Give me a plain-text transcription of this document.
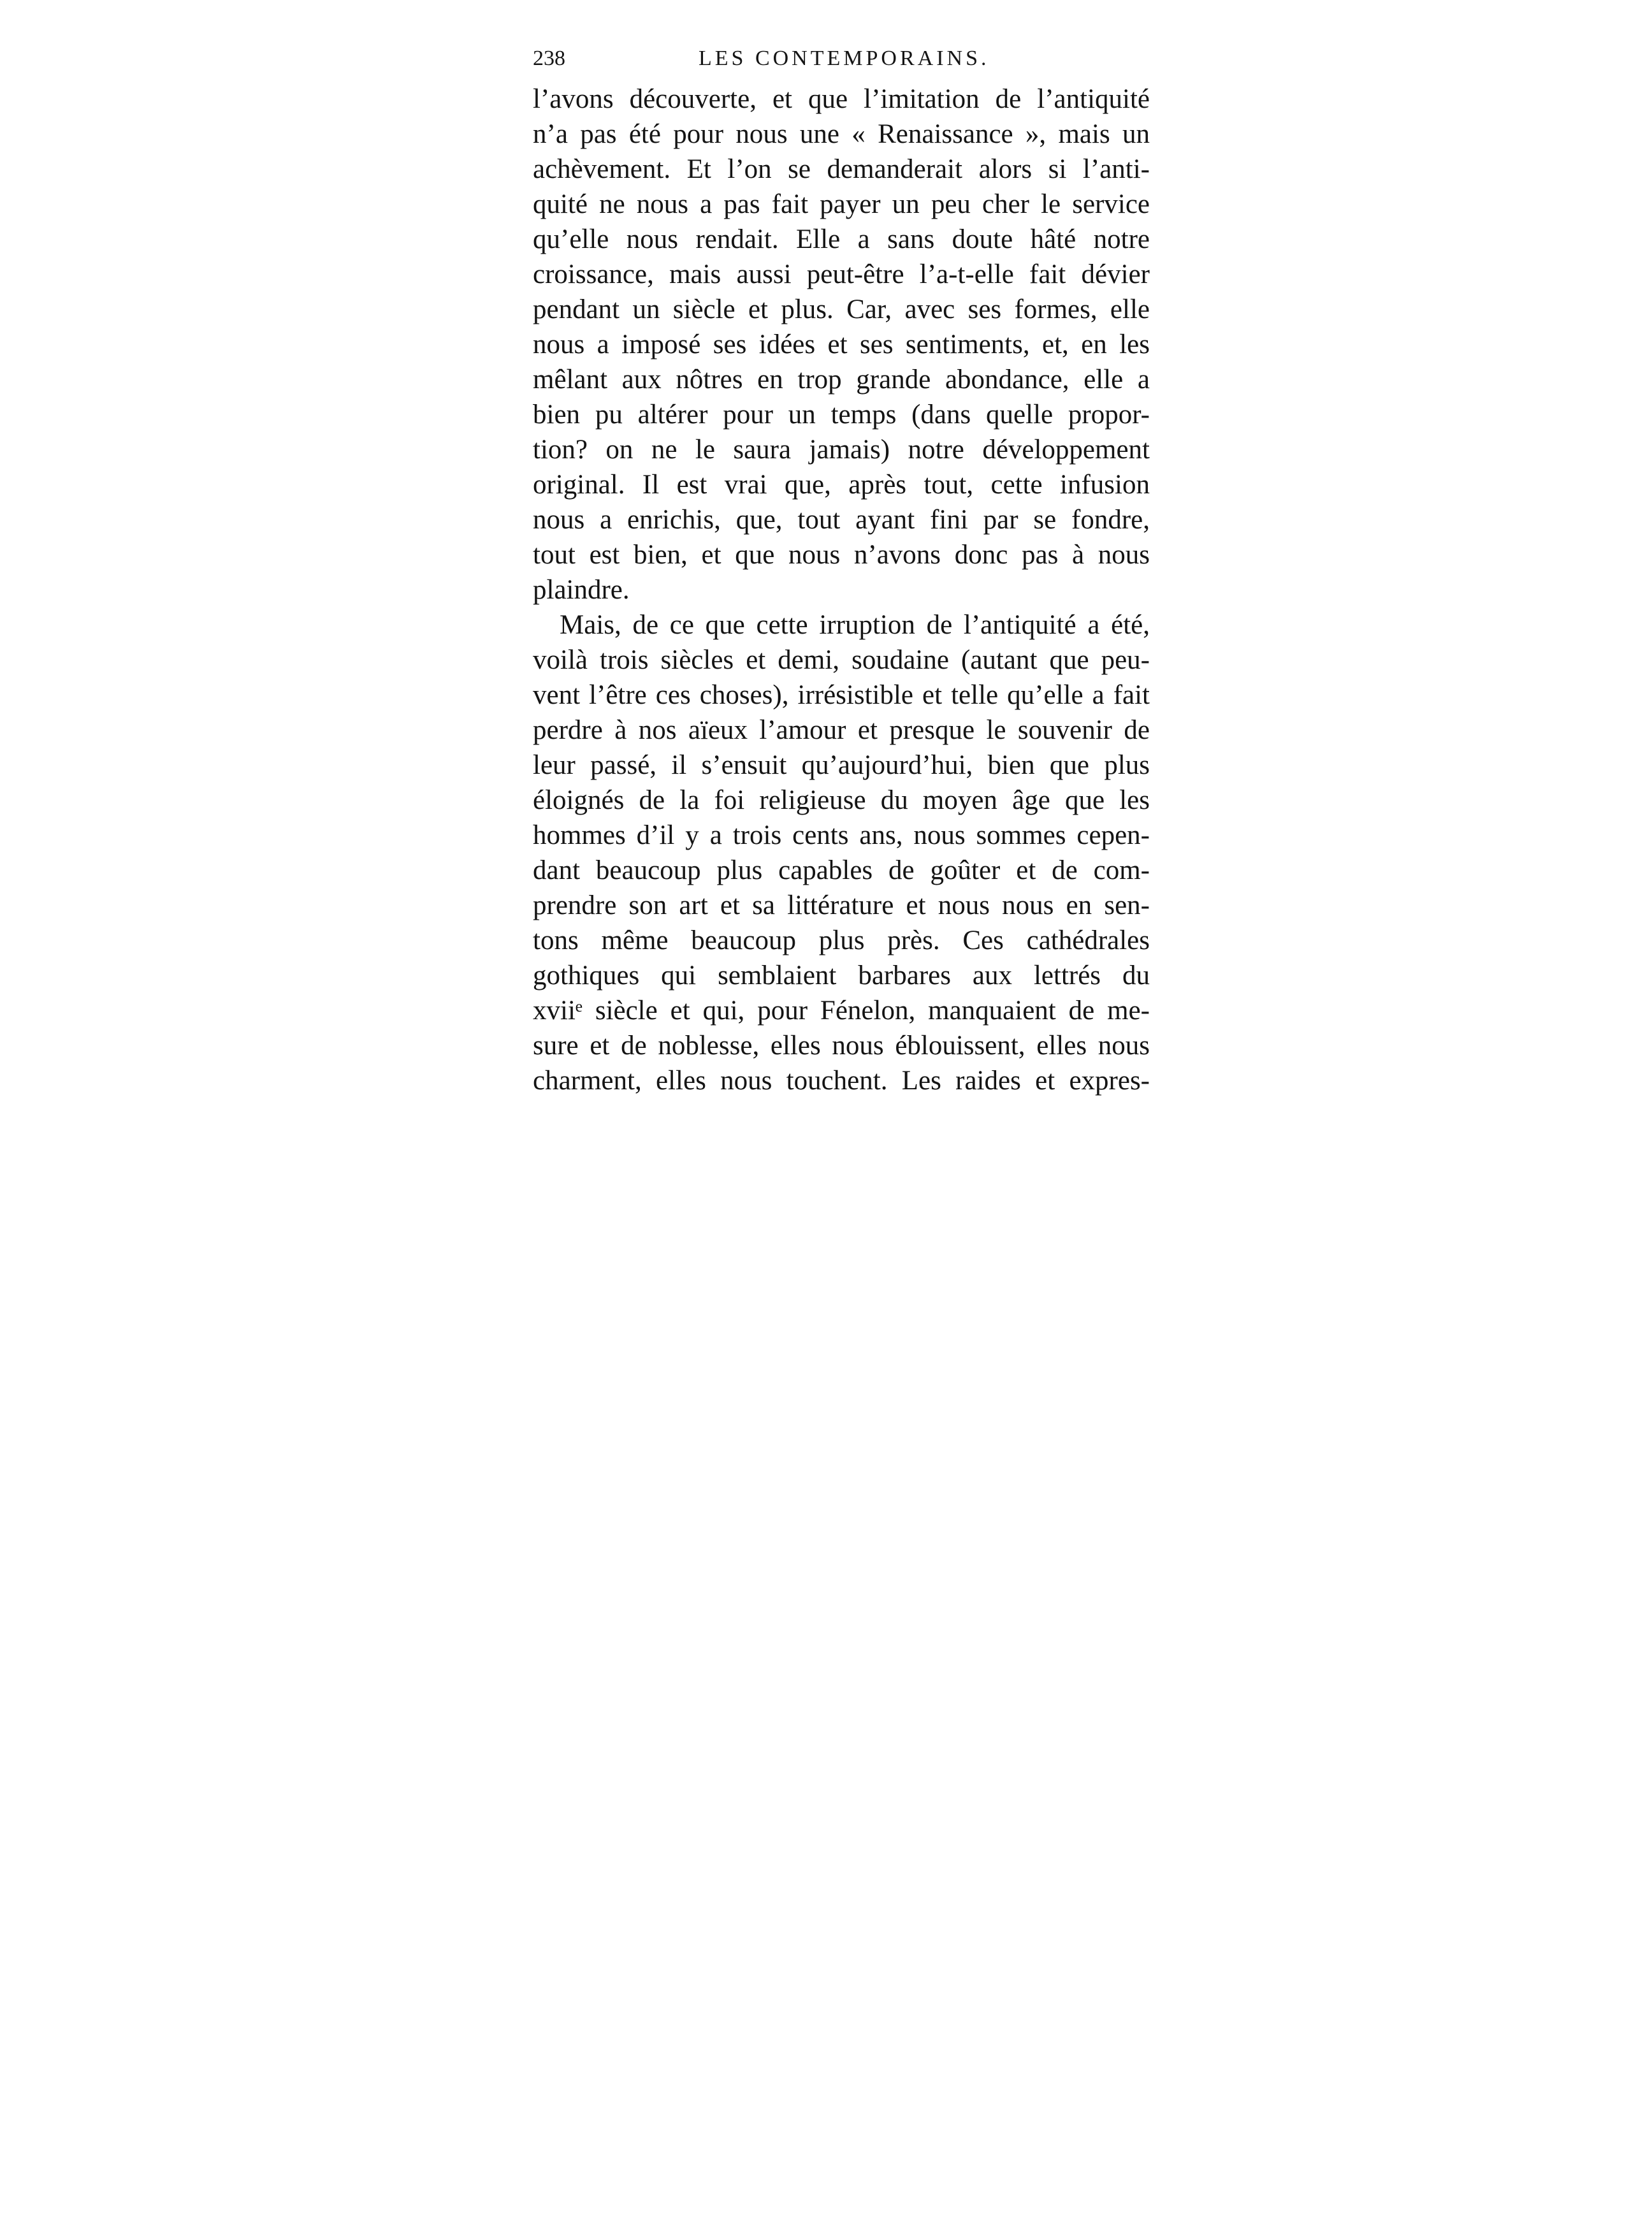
238	LES CONTEMPORAINS.
l’avons découverte, et que l’imitation de l’antiquité
n’a pas été pour nous une « Renaissance », mais un
achèvement. Et l’on se demanderait alors si l’anti-
quité ne nous a pas fait payer un peu cher le service
qu’elle nous rendait. Elle a sans doute hâté notre
croissance, mais aussi peut-être l’a-t-elle fait dévier
pendant un siècle et plus. Car, avec ses formes, elle
nous a imposé ses idées et ses sentiments, et, en les
mêlant aux nôtres en trop grande abondance, elle a
bien pu altérer pour un temps (dans quelle propor-
tion? on ne le saura jamais) notre développement
original. Il est vrai que, après tout, cette infusion
nous a enrichis, que, tout ayant fini par se fondre,
tout est bien, et que nous n’avons donc pas à nous
plaindre.
Mais, de ce que cette irruption de l’antiquité a été,
voilà trois siècles et demi, soudaine (autant que peu-
vent l’être ces choses), irrésistible et telle qu’elle a fait
perdre à nos aïeux l’amour et presque le souvenir de
leur passé, il s’ensuit qu’aujourd’hui, bien que plus
éloignés de la foi religieuse du moyen âge que les
hommes d’il y a trois cents ans, nous sommes cepen-
dant beaucoup plus capables de goûter et de com-
prendre son art et sa littérature et nous nous en sen-
tons même beaucoup plus près. Ces cathédrales
gothiques qui semblaient barbares aux lettrés du
xviiᵉ siècle et qui, pour Fénelon, manquaient de me-
sure et de noblesse, elles nous éblouissent, elles nous
charment, elles nous touchent. Les raides et expres-
